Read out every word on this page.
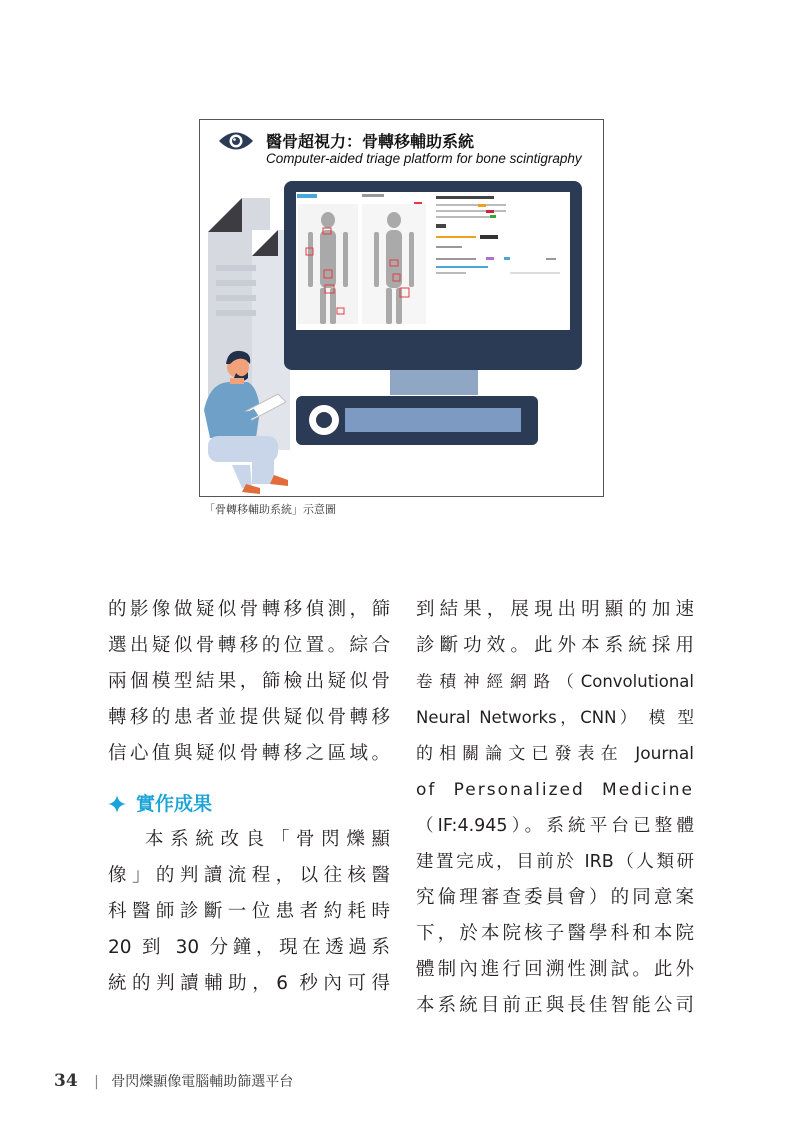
醫骨超視力：骨轉移輔助系統
Computer-aided triage platform for bone scintigraphy
「骨轉移輔助系統」示意圖
的影像做疑似骨轉移偵測，篩
選出疑似骨轉移的位置。綜合
兩個模型結果，篩檢出疑似骨
轉移的患者並提供疑似骨轉移
信心值與疑似骨轉移之區域。
實作成果
本系統改良「骨閃爍顯
像」的判讀流程，以往核醫
科醫師診斷一位患者約耗時
20 到 30 分鐘，現在透過系
統的判讀輔助，6 秒內可得
到結果，展現出明顯的加速
診斷功效。此外本系統採用
卷積神經網路（Convolutional
Neural Networks，CNN） 模 型
的相關論文已發表在 Journal
of Personalized Medicine
（IF:4.945）。系統平台已整體
建置完成，目前於 IRB（人類研
究倫理審查委員會）的同意案
下，於本院核子醫學科和本院
體制內進行回溯性測試。此外
本系統目前正與長佳智能公司
34 | 骨閃爍顯像電腦輔助篩選平台
